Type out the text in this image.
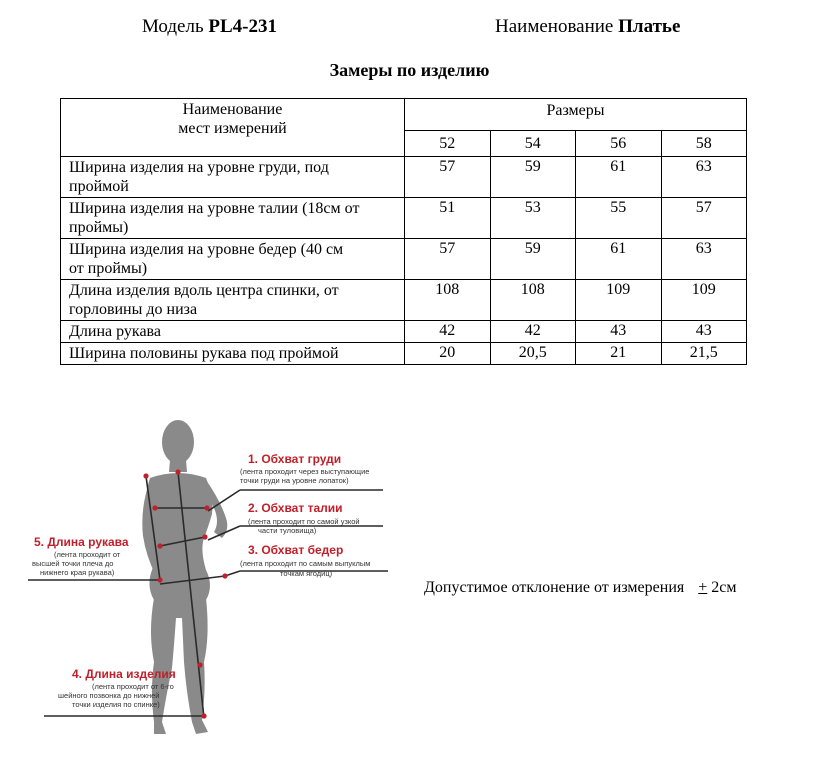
Модель PL4-231	Наименование Платье
Замеры по изделию
Наименование
мест измерений	Размеры			
	52	54	56	58
Ширина изделия на уровне груди, под
проймой	57	59	61	63
Ширина изделия на уровне талии (18см от
проймы)	51	53	55	57
Ширина изделия на уровне бедер (40 см
от проймы)	57	59	61	63
Длина изделия вдоль центра спинки, от
горловины до низа	108	108	109	109
Длина рукава	42	42	43	43
Ширина половины рукава под проймой	20	20,5	21	21,5
1. Обхват груди
(лента проходит через выступающие
точки груди на уровне лопаток)
2. Обхват талии
(лента проходит по самой узкой
части туловища)
3. Обхват бедер
(лента проходит по самым выпуклым
точкам ягодиц)
5. Длина рукава
(лента проходит от
высшей точки плеча до
нижнего края рукава)
4. Длина изделия
(лента проходит от 6-го
шейного позвонка до нижней
точки изделия по спинке)
Допустимое отклонение от измерения + 2см
